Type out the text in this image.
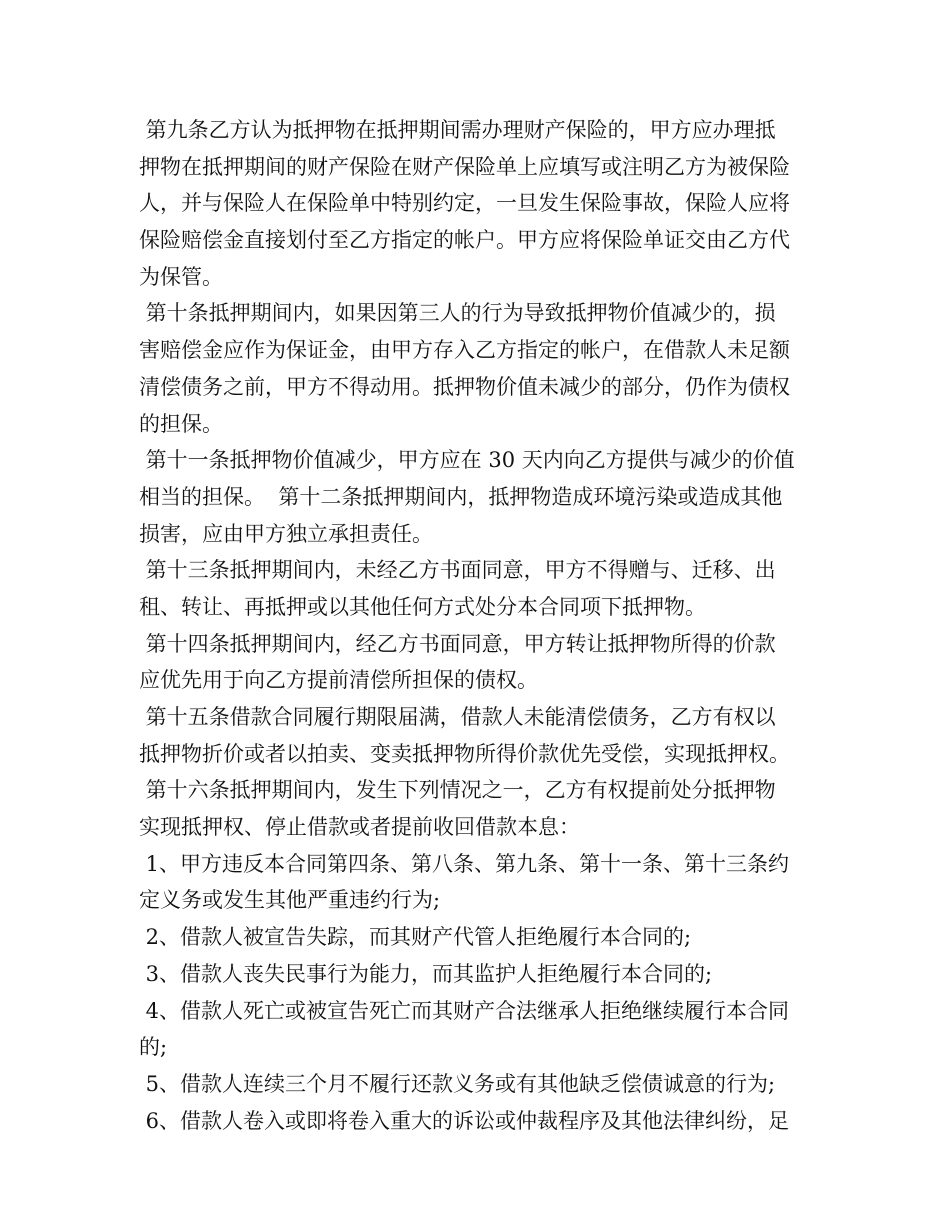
第九条乙方认为抵押物在抵押期间需办理财产保险的，甲方应办理抵
押物在抵押期间的财产保险在财产保险单上应填写或注明乙方为被保险
人，并与保险人在保险单中特别约定，一旦发生保险事故，保险人应将
保险赔偿金直接划付至乙方指定的帐户。甲方应将保险单证交由乙方代
为保管。
第十条抵押期间内，如果因第三人的行为导致抵押物价值减少的，损
害赔偿金应作为保证金，由甲方存入乙方指定的帐户，在借款人未足额
清偿债务之前，甲方不得动用。抵押物价值未减少的部分，仍作为债权
的担保。
第十一条抵押物价值减少，甲方应在 30 天内向乙方提供与减少的价值
相当的担保。  第十二条抵押期间内，抵押物造成环境污染或造成其他
损害，应由甲方独立承担责任。
第十三条抵押期间内，未经乙方书面同意，甲方不得赠与、迁移、出
租、转让、再抵押或以其他任何方式处分本合同项下抵押物。
第十四条抵押期间内，经乙方书面同意，甲方转让抵押物所得的价款
应优先用于向乙方提前清偿所担保的债权。
第十五条借款合同履行期限届满，借款人未能清偿债务，乙方有权以
抵押物折价或者以拍卖、变卖抵押物所得价款优先受偿，实现抵押权。
第十六条抵押期间内，发生下列情况之一，乙方有权提前处分抵押物
实现抵押权、停止借款或者提前收回借款本息：
1、甲方违反本合同第四条、第八条、第九条、第十一条、第十三条约
定义务或发生其他严重违约行为;
2、借款人被宣告失踪，而其财产代管人拒绝履行本合同的;
3、借款人丧失民事行为能力，而其监护人拒绝履行本合同的;
4、借款人死亡或被宣告死亡而其财产合法继承人拒绝继续履行本合同
的;
5、借款人连续三个月不履行还款义务或有其他缺乏偿债诚意的行为;
6、借款人卷入或即将卷入重大的诉讼或仲裁程序及其他法律纠纷，足
